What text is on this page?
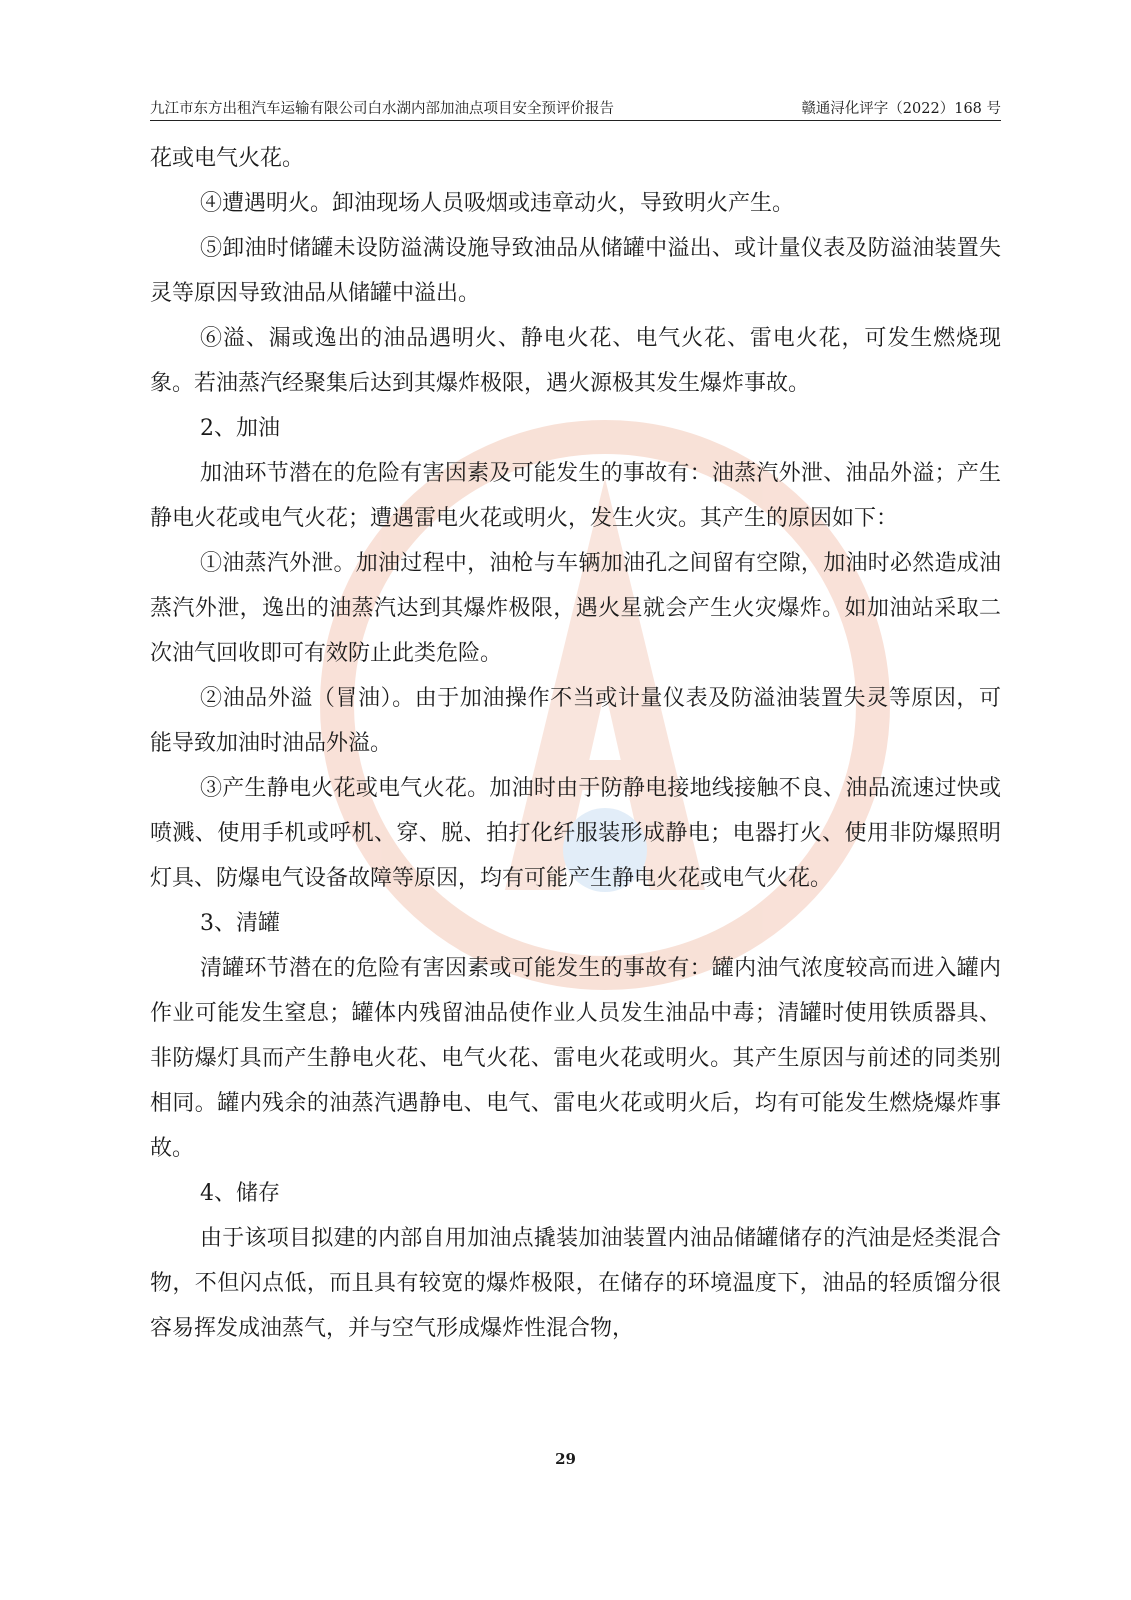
九江市东方出租汽车运输有限公司白水湖内部加油点项目安全预评价报告	赣通浔化评字（2022）168 号

花或电气火花。

④遭遇明火。卸油现场人员吸烟或违章动火，导致明火产生。

⑤卸油时储罐未设防溢满设施导致油品从储罐中溢出、或计量仪表及防溢油装置失灵等原因导致油品从储罐中溢出。

⑥溢、漏或逸出的油品遇明火、静电火花、电气火花、雷电火花，可发生燃烧现象。若油蒸汽经聚集后达到其爆炸极限，遇火源极其发生爆炸事故。

2、加油

加油环节潜在的危险有害因素及可能发生的事故有：油蒸汽外泄、油品外溢；产生静电火花或电气火花；遭遇雷电火花或明火，发生火灾。其产生的原因如下：

①油蒸汽外泄。加油过程中，油枪与车辆加油孔之间留有空隙，加油时必然造成油蒸汽外泄，逸出的油蒸汽达到其爆炸极限，遇火星就会产生火灾爆炸。如加油站采取二次油气回收即可有效防止此类危险。

②油品外溢（冒油）。由于加油操作不当或计量仪表及防溢油装置失灵等原因，可能导致加油时油品外溢。

③产生静电火花或电气火花。加油时由于防静电接地线接触不良、油品流速过快或喷溅、使用手机或呼机、穿、脱、拍打化纤服装形成静电；电器打火、使用非防爆照明灯具、防爆电气设备故障等原因，均有可能产生静电火花或电气火花。

3、清罐

清罐环节潜在的危险有害因素或可能发生的事故有：罐内油气浓度较高而进入罐内作业可能发生窒息；罐体内残留油品使作业人员发生油品中毒；清罐时使用铁质器具、非防爆灯具而产生静电火花、电气火花、雷电火花或明火。其产生原因与前述的同类别相同。罐内残余的油蒸汽遇静电、电气、雷电火花或明火后，均有可能发生燃烧爆炸事故。

4、储存

由于该项目拟建的内部自用加油点撬装加油装置内油品储罐储存的汽油是烃类混合物，不但闪点低，而且具有较宽的爆炸极限，在储存的环境温度下，油品的轻质馏分很容易挥发成油蒸气，并与空气形成爆炸性混合物，

29
